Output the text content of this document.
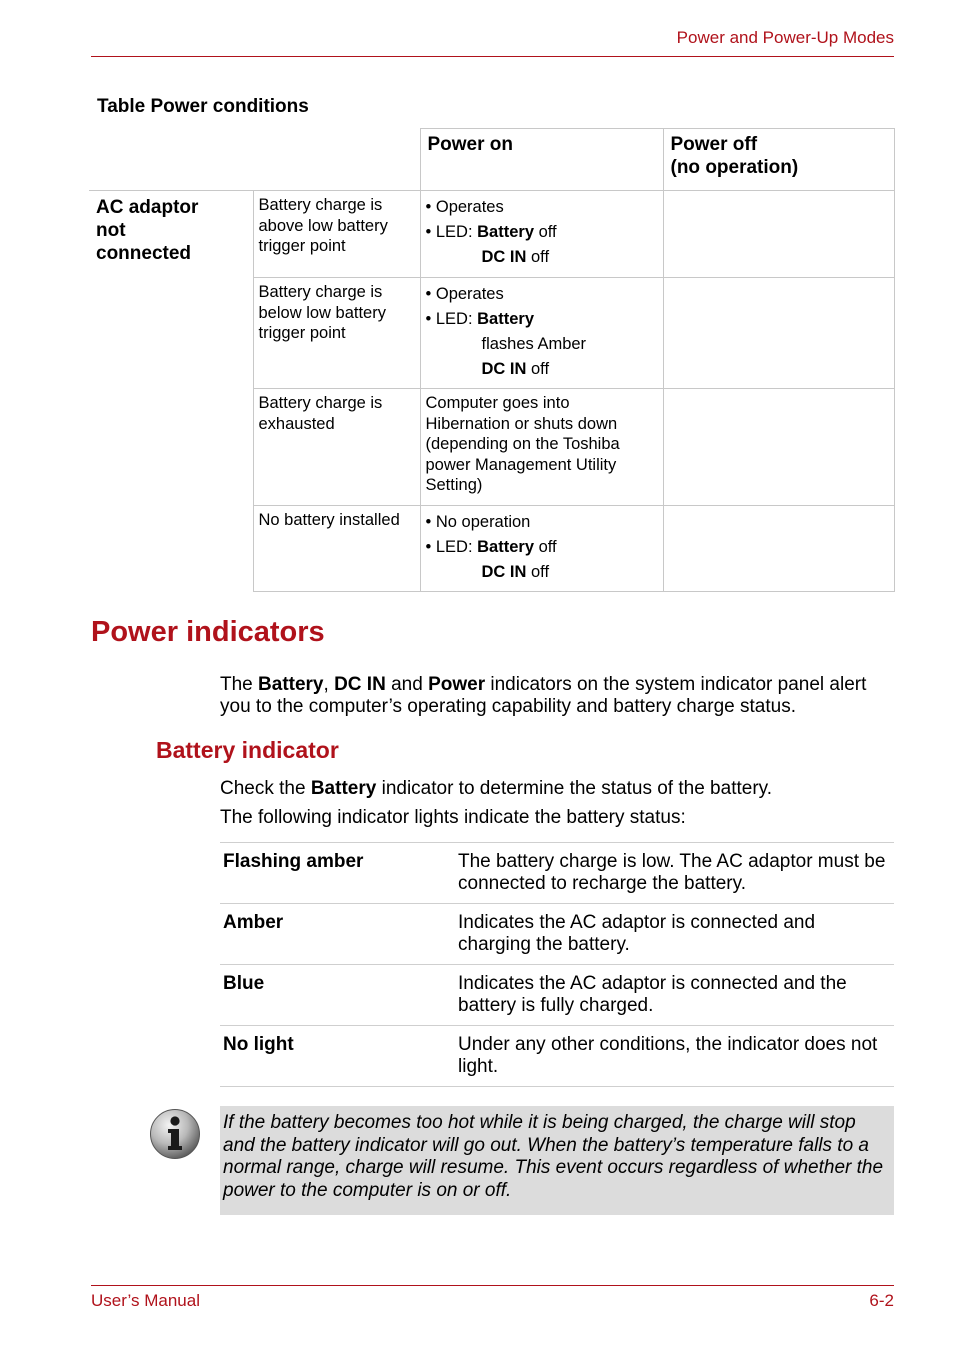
Power and Power-Up Modes
Table Power conditions
		Power on	Power off
(no operation)

AC adaptor
not
connected	Battery charge is above low battery trigger point	• Operates
• LED: Battery off
DC IN off	

	Battery charge is below low battery trigger point	• Operates
• LED: Battery
flashes Amber
DC IN off	

	Battery charge is exhausted	Computer goes into Hibernation or shuts down (depending on the Toshiba power Management Utility Setting)	
	No battery installed	• No operation
• LED: Battery off
DC IN off	

Power indicators
The Battery, DC IN and Power indicators on the system indicator panel alert you to the computer’s operating capability and battery charge status.
Battery indicator
Check the Battery indicator to determine the status of the battery.
The following indicator lights indicate the battery status:
Flashing amber	The battery charge is low. The AC adaptor must be connected to recharge the battery.
Amber	Indicates the AC adaptor is connected and charging the battery.
Blue	Indicates the AC adaptor is connected and the battery is fully charged.
No light	Under any other conditions, the indicator does not light.
If the battery becomes too hot while it is being charged, the charge will stop and the battery indicator will go out. When the battery’s temperature falls to a normal range, charge will resume. This event occurs regardless of whether the power to the computer is on or off.
User’s Manual	6-2
